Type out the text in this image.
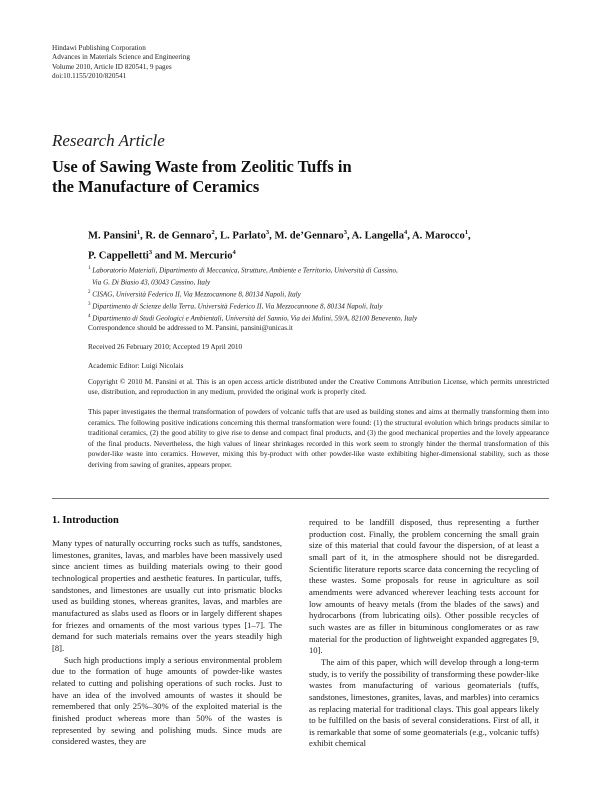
Hindawi Publishing Corporation
Advances in Materials Science and Engineering
Volume 2010, Article ID 820541, 9 pages
doi:10.1155/2010/820541
Research Article
Use of Sawing Waste from Zeolitic Tuffs in
the Manufacture of Ceramics
M. Pansini$^1$, R. de Gennaro$^2$, L. Parlato$^3$, M. de’Gennaro$^3$, A. Langella$^4$, A. Marocco$^1$,
P. Cappelletti$^3$ and M. Mercurio$^4$
$^1$ Laboratorio Materiali, Dipartimento di Meccanica, Strutture, Ambiente e Territorio, Università di Cassino,
Via G. Di Biasio 43, 03043 Cassino, Italy
$^2$ CISAG, Università Federico II, Via Mezzocannone 8, 80134 Napoli, Italy
$^3$ Dipartimento di Scienze della Terra, Università Federico II, Via Mezzocannone 8, 80134 Napoli, Italy
$^4$ Dipartimento di Studi Geologici e Ambientali, Università del Sannio, Via dei Mulini, 59/A, 82100 Benevento, Italy
Correspondence should be addressed to M. Pansini, pansini@unicas.it
Received 26 February 2010; Accepted 19 April 2010
Academic Editor: Luigi Nicolais
Copyright © 2010 M. Pansini et al. This is an open access article distributed under the Creative Commons Attribution License, which permits unrestricted use, distribution, and reproduction in any medium, provided the original work is properly cited.
This paper investigates the thermal transformation of powders of volcanic tuffs that are used as building stones and aims at thermally transforming them into ceramics. The following positive indications concerning this thermal transformation were found: (1) the structural evolution which brings products similar to traditional ceramics, (2) the good ability to give rise to dense and compact final products, and (3) the good mechanical properties and the lovely appearance of the final products. Nevertheless, the high values of linear shrinkages recorded in this work seem to strongly hinder the thermal transformation of this powder-like waste into ceramics. However, mixing this by-product with other powder-like waste exhibiting higher-dimensional stability, such as those deriving from sawing of granites, appears proper.
1. Introduction

Many types of naturally occurring rocks such as tuffs, sandstones, limestones, granites, lavas, and marbles have been massively used since ancient times as building materials owing to their good technological properties and aesthetic features. In particular, tuffs, sandstones, and limestones are usually cut into prismatic blocks used as building stones, whereas granites, lavas, and marbles are manufactured as slabs used as floors or in largely different shapes for friezes and ornaments of the most various types [1–7]. The demand for such materials remains over the years steadily high [8].

Such high productions imply a serious environmental problem due to the formation of huge amounts of powder-like wastes related to cutting and polishing operations of such rocks. Just to have an idea of the involved amounts of wastes it should be remembered that only 25%–30% of the exploited material is the finished product whereas more than 50% of the wastes is represented by sewing and polishing muds. Since muds are considered wastes, they are

required to be landfill disposed, thus representing a further production cost. Finally, the problem concerning the small grain size of this material that could favour the dispersion, of at least a small part of it, in the atmosphere should not be disregarded. Scientific literature reports scarce data concerning the recycling of these wastes. Some proposals for reuse in agriculture as soil amendments were advanced wherever leaching tests account for low amounts of heavy metals (from the blades of the saws) and hydrocarbons (from lubricating oils). Other possible recycles of such wastes are as filler in bituminous conglomerates or as raw material for the production of lightweight expanded aggregates [9, 10].

The aim of this paper, which will develop through a long-term study, is to verify the possibility of transforming these powder-like wastes from manufacturing of various geomaterials (tuffs, sandstones, limestones, granites, lavas, and marbles) into ceramics as replacing material for traditional clays. This goal appears likely to be fulfilled on the basis of several considerations. First of all, it is remarkable that some of some geomaterials (e.g., volcanic tuffs) exhibit chemical
